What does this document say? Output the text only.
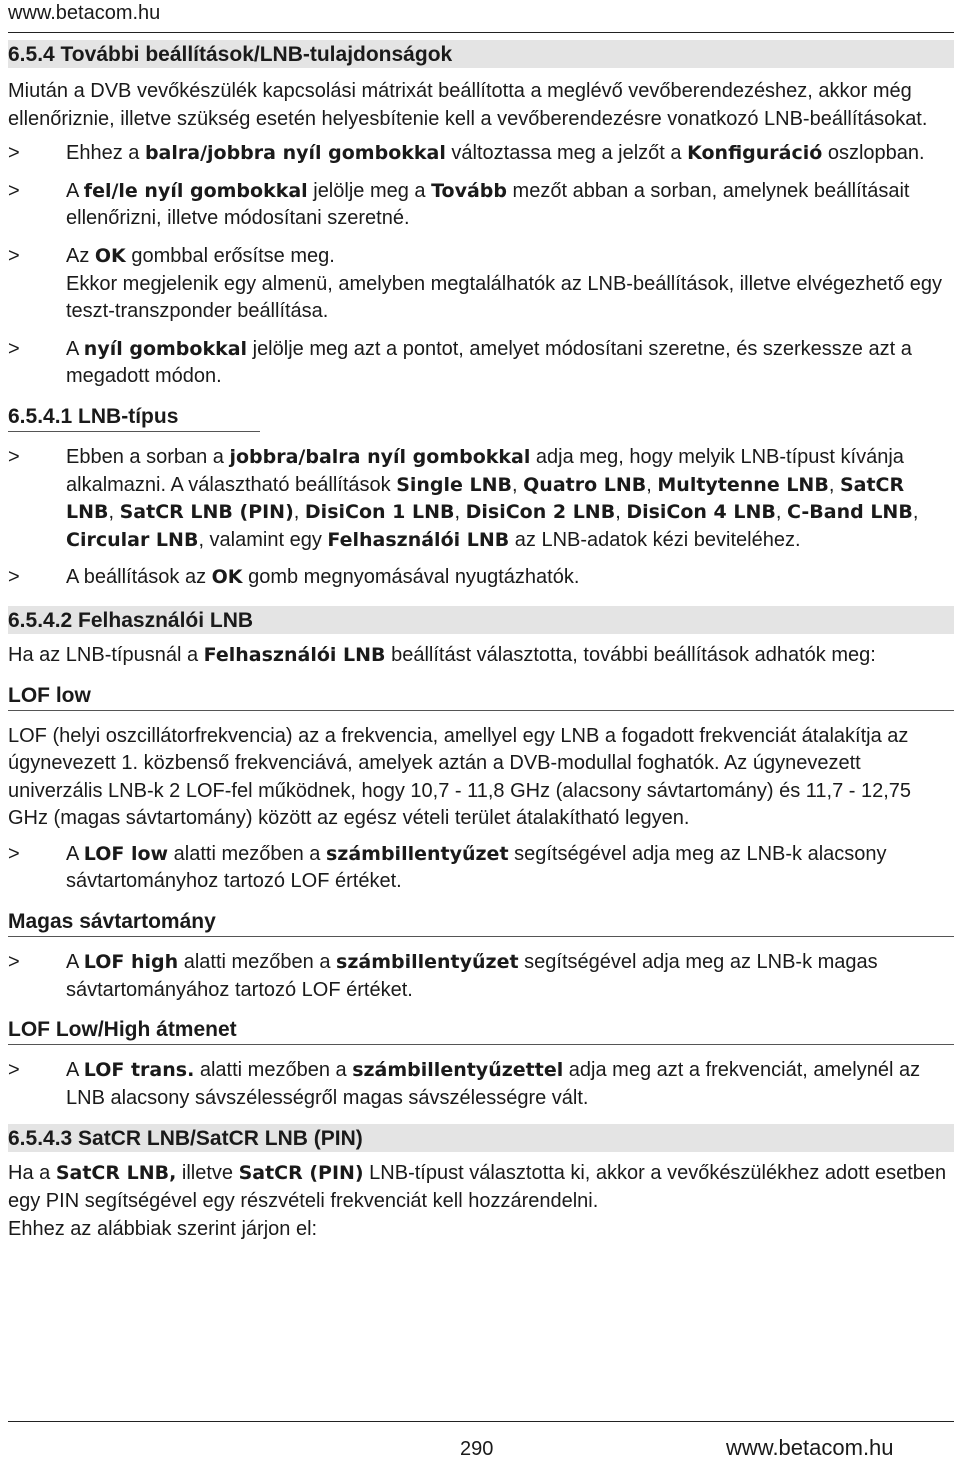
www.betacom.hu
6.5.4 További beállítások/LNB-tulajdonságok

Miután a DVB vevőkészülék kapcsolási mátrixát beállította a meglévő vevőberendezéshez, akkor még ellenőriznie, illetve szükség esetén helyesbítenie kell a vevőberendezésre vonatkozó LNB-beállításokat.

> Ehhez a balra/jobbra nyíl gombokkal változtassa meg a jelzőt a Konfiguráció oszlopban.
> A fel/le nyíl gombokkal jelölje meg a Tovább mezőt abban a sorban, amelynek beállításait ellenőrizni, illetve módosítani szeretné.
> Az OK gombbal erősítse meg.
Ekkor megjelenik egy almenü, amelyben megtalálhatók az LNB-beállítások, illetve elvégezhető egy teszt-transzponder beállítása.
> A nyíl gombokkal jelölje meg azt a pontot, amelyet módosítani szeretne, és szerkessze azt a megadott módon.
6.5.4.1 LNB-típus
> Ebben a sorban a jobbra/balra nyíl gombokkal adja meg, hogy melyik LNB-típust kívánja alkalmazni. A választható beállítások Single LNB, Quatro LNB, Multytenne LNB, SatCR LNB, SatCR LNB (PIN), DisiCon 1 LNB, DisiCon 2 LNB, DisiCon 4 LNB, C-Band LNB, Circular LNB, valamint egy Felhasználói LNB az LNB-adatok kézi beviteléhez.
> A beállítások az OK gomb megnyomásával nyugtázhatók.
6.5.4.2 Felhasználói LNB

Ha az LNB-típusnál a Felhasználói LNB beállítást választotta, további beállítások adhatók meg:

LOF low

LOF (helyi oszcillátorfrekvencia) az a frekvencia, amellyel egy LNB a fogadott frekvenciát átalakítja az úgynevezett 1. közbenső frekvenciává, amelyek aztán a DVB-modullal foghatók. Az úgynevezett univerzális LNB-k 2 LOF-fel működnek, hogy 10,7 - 11,8 GHz (alacsony sávtartomány) és 11,7 - 12,75 GHz (magas sávtartomány) között az egész vételi terület átalakítható legyen.

> A LOF low alatti mezőben a számbillentyűzet segítségével adja meg az LNB-k alacsony sávtartományhoz tartozó LOF értéket.
Magas sávtartomány
> A LOF high alatti mezőben a számbillentyűzet segítségével adja meg az LNB-k magas sávtartományához tartozó LOF értéket.
LOF Low/High átmenet
> A LOF trans. alatti mezőben a számbillentyűzettel adja meg azt a frekvenciát, amelynél az LNB alacsony sávszélességről magas sávszélességre vált.
6.5.4.3 SatCR LNB/SatCR LNB (PIN)

Ha a SatCR LNB, illetve SatCR (PIN) LNB-típust választotta ki, akkor a vevőkészülékhez adott esetben egy PIN segítségével egy részvételi frekvenciát kell hozzárendelni.

Ehhez az alábbiak szerint járjon el:

290	www.betacom.hu
